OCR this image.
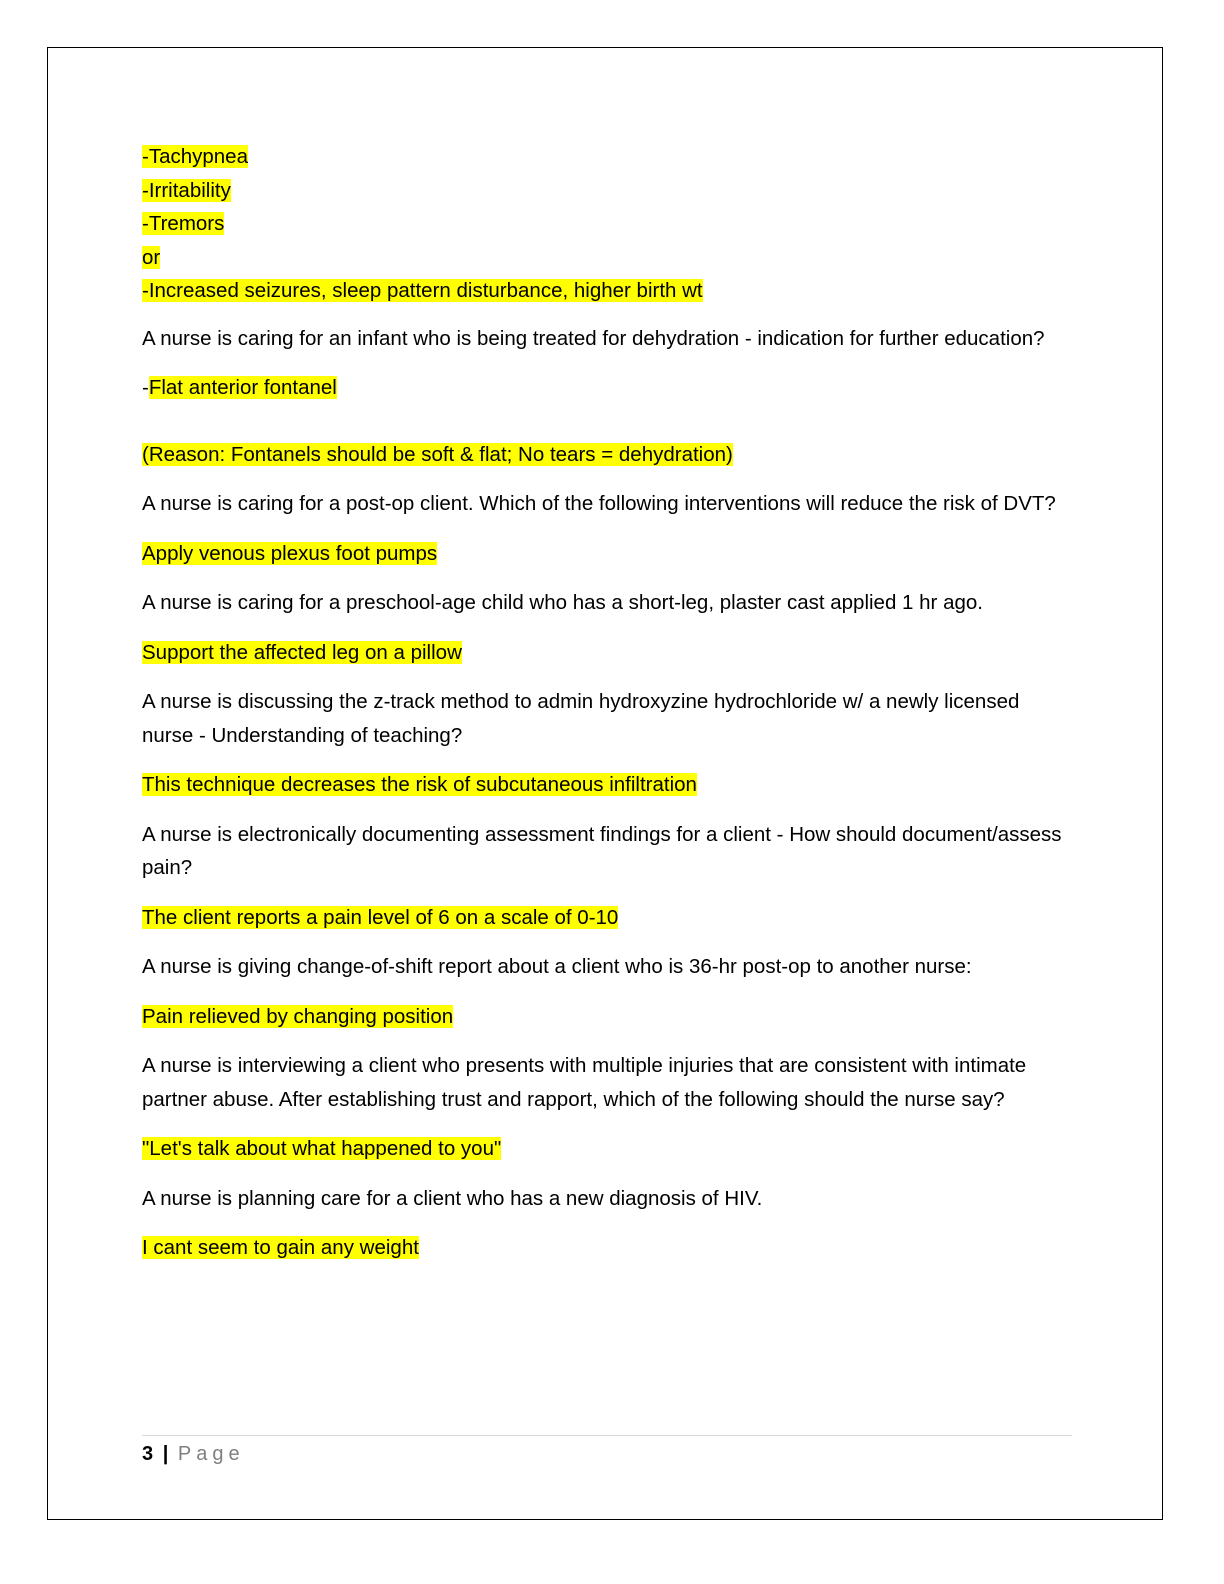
-Tachypnea
-Irritability
-Tremors
or
-Increased seizures, sleep pattern disturbance, higher birth wt

A nurse is caring for an infant who is being treated for dehydration - indication for further education?

-Flat anterior fontanel

(Reason: Fontanels should be soft & flat; No tears = dehydration)

A nurse is caring for a post-op client. Which of the following interventions will reduce the risk of DVT?

Apply venous plexus foot pumps

A nurse is caring for a preschool-age child who has a short-leg, plaster cast applied 1 hr ago.

Support the affected leg on a pillow

A nurse is discussing the z-track method to admin hydroxyzine hydrochloride w/ a newly licensed nurse - Understanding of teaching?

This technique decreases the risk of subcutaneous infiltration

A nurse is electronically documenting assessment findings for a client - How should document/assess pain?

The client reports a pain level of 6 on a scale of 0-10

A nurse is giving change-of-shift report about a client who is 36-hr post-op to another nurse:

Pain relieved by changing position

A nurse is interviewing a client who presents with multiple injuries that are consistent with intimate partner abuse. After establishing trust and rapport, which of the following should the nurse say?

"Let's talk about what happened to you"

A nurse is planning care for a client who has a new diagnosis of HIV.

I cant seem to gain any weight

3 | Page
